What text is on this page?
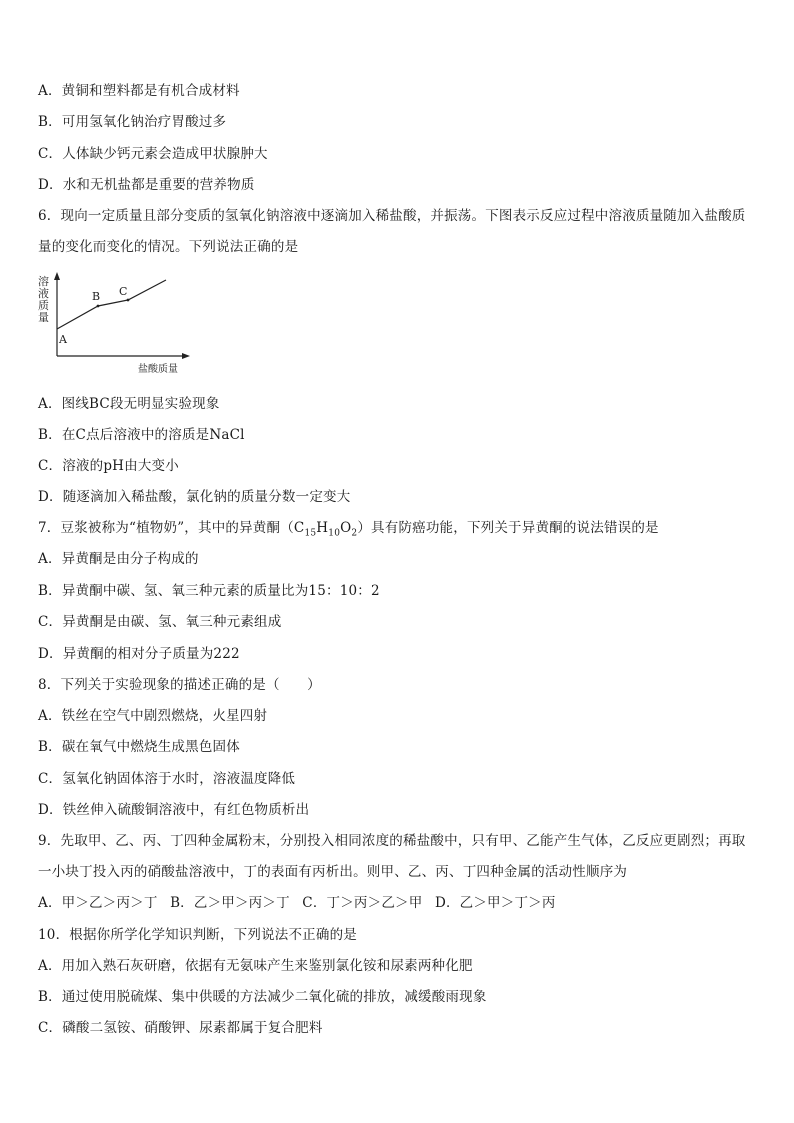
A．黄铜和塑料都是有机合成材料
B．可用氢氧化钠治疗胃酸过多
C．人体缺少钙元素会造成甲状腺肿大
D．水和无机盐都是重要的营养物质
6．现向一定质量且部分变质的氢氧化钠溶液中逐滴加入稀盐酸，并振荡。下图表示反应过程中溶液质量随加入盐酸质
量的变化而变化的情况。下列说法正确的是
溶液质量
A
B C
盐酸质量
A．图线BC段无明显实验现象
B．在C点后溶液中的溶质是NaCl
C．溶液的pH由大变小
D．随逐滴加入稀盐酸，氯化钠的质量分数一定变大
7．豆浆被称为“植物奶”，其中的异黄酮$(C_{15}H_{10}O_2)$具有防癌功能，下列关于异黄酮的说法错误的是
A．异黄酮是由分子构成的
B．异黄酮中碳、氢、氧三种元素的质量比为15：10：2
C．异黄酮是由碳、氢、氧三种元素组成
D．异黄酮的相对分子质量为222
8．下列关于实验现象的描述正确的是（　　）
A．铁丝在空气中剧烈燃烧，火星四射
B．碳在氧气中燃烧生成黑色固体
C．氢氧化钠固体溶于水时，溶液温度降低
D．铁丝伸入硫酸铜溶液中，有红色物质析出
9．先取甲、乙、丙、丁四种金属粉末，分别投入相同浓度的稀盐酸中，只有甲、乙能产生气体，乙反应更剧烈；再取
一小块丁投入丙的硝酸盐溶液中，丁的表面有丙析出。则甲、乙、丙、丁四种金属的活动性顺序为
A．甲＞乙＞丙＞丁 B．乙＞甲＞丙＞丁 C．丁＞丙＞乙＞甲 D．乙＞甲＞丁＞丙
10．根据你所学化学知识判断，下列说法不正确的是
A．用加入熟石灰研磨，依据有无氨味产生来鉴别氯化铵和尿素两种化肥
B．通过使用脱硫煤、集中供暖的方法减少二氧化硫的排放，减缓酸雨现象
C．磷酸二氢铵、硝酸钾、尿素都属于复合肥料
